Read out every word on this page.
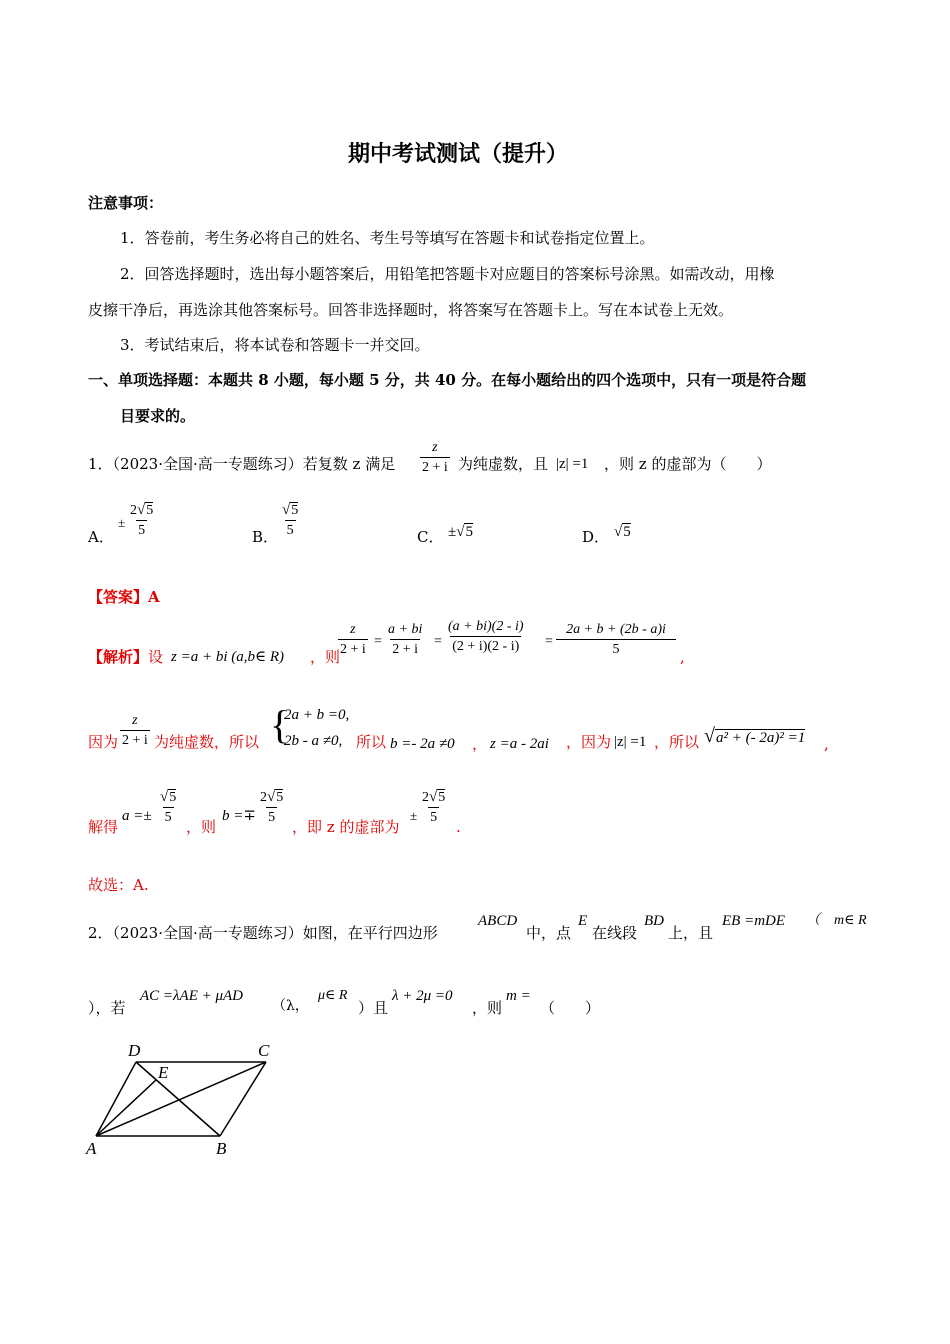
期中考试测试（提升）
注意事项：
1．答卷前，考生务必将自己的姓名、考生号等填写在答题卡和试卷指定位置上。
2．回答选择题时，选出每小题答案后，用铅笔把答题卡对应题目的答案标号涂黑。如需改动，用橡
皮擦干净后，再选涂其他答案标号。回答非选择题时，将答案写在答题卡上。写在本试卷上无效。
3．考试结束后，将本试卷和答题卡一并交回。
一、单项选择题：本题共 8 小题，每小题 5 分，共 40 分。在每小题给出的四个选项中，只有一项是符合题
目要求的。
1．（2023·全国·高一专题练习）若复数 z 满足 $\frac{z}{2 + i}$ 为纯虚数，且 |z| =1 ，则 z 的虚部为（　　）
A．
± $\frac{2√5}{5}$	B． $\frac{√5}{5}$	C． ±√5	D． √5
【答案】A
【解析】设 z =a + bi (a,b∈ R) ，则
$\frac{z}{2 + i} = \frac{a + bi}{2 + i} = \frac{(a + bi)(2 - i)}{(2 + i)(2 - i)} = \frac{2a + b + (2b - a)i}{5}$ ,
因为 $\frac{z}{2 + i}$ 为纯虚数，所以 {
2a + b =0,
2b - a ≠0, 所以 b =- 2a ≠0 ， z =a - 2ai ，因为 |z| =1 ，所以 √a² + (- 2a)² =1 ,
解得
$a =\pm \frac{√5}{5}$
，则
$b =\mp \frac{2√5}{5}$
，即 z 的虚部为
± $\frac{2√5}{5}$
.
故选：A.
2．（2023·全国·高一专题练习）如图，在平行四边形
ABCD
中，点
E
在线段
BD
上，且
EB =mDE （　m∈ R
），若
AC =λAE + μAD
（λ，
μ∈ R
）且
λ + 2μ =0
，则
m =
（　　）
D	C
E
A	B
